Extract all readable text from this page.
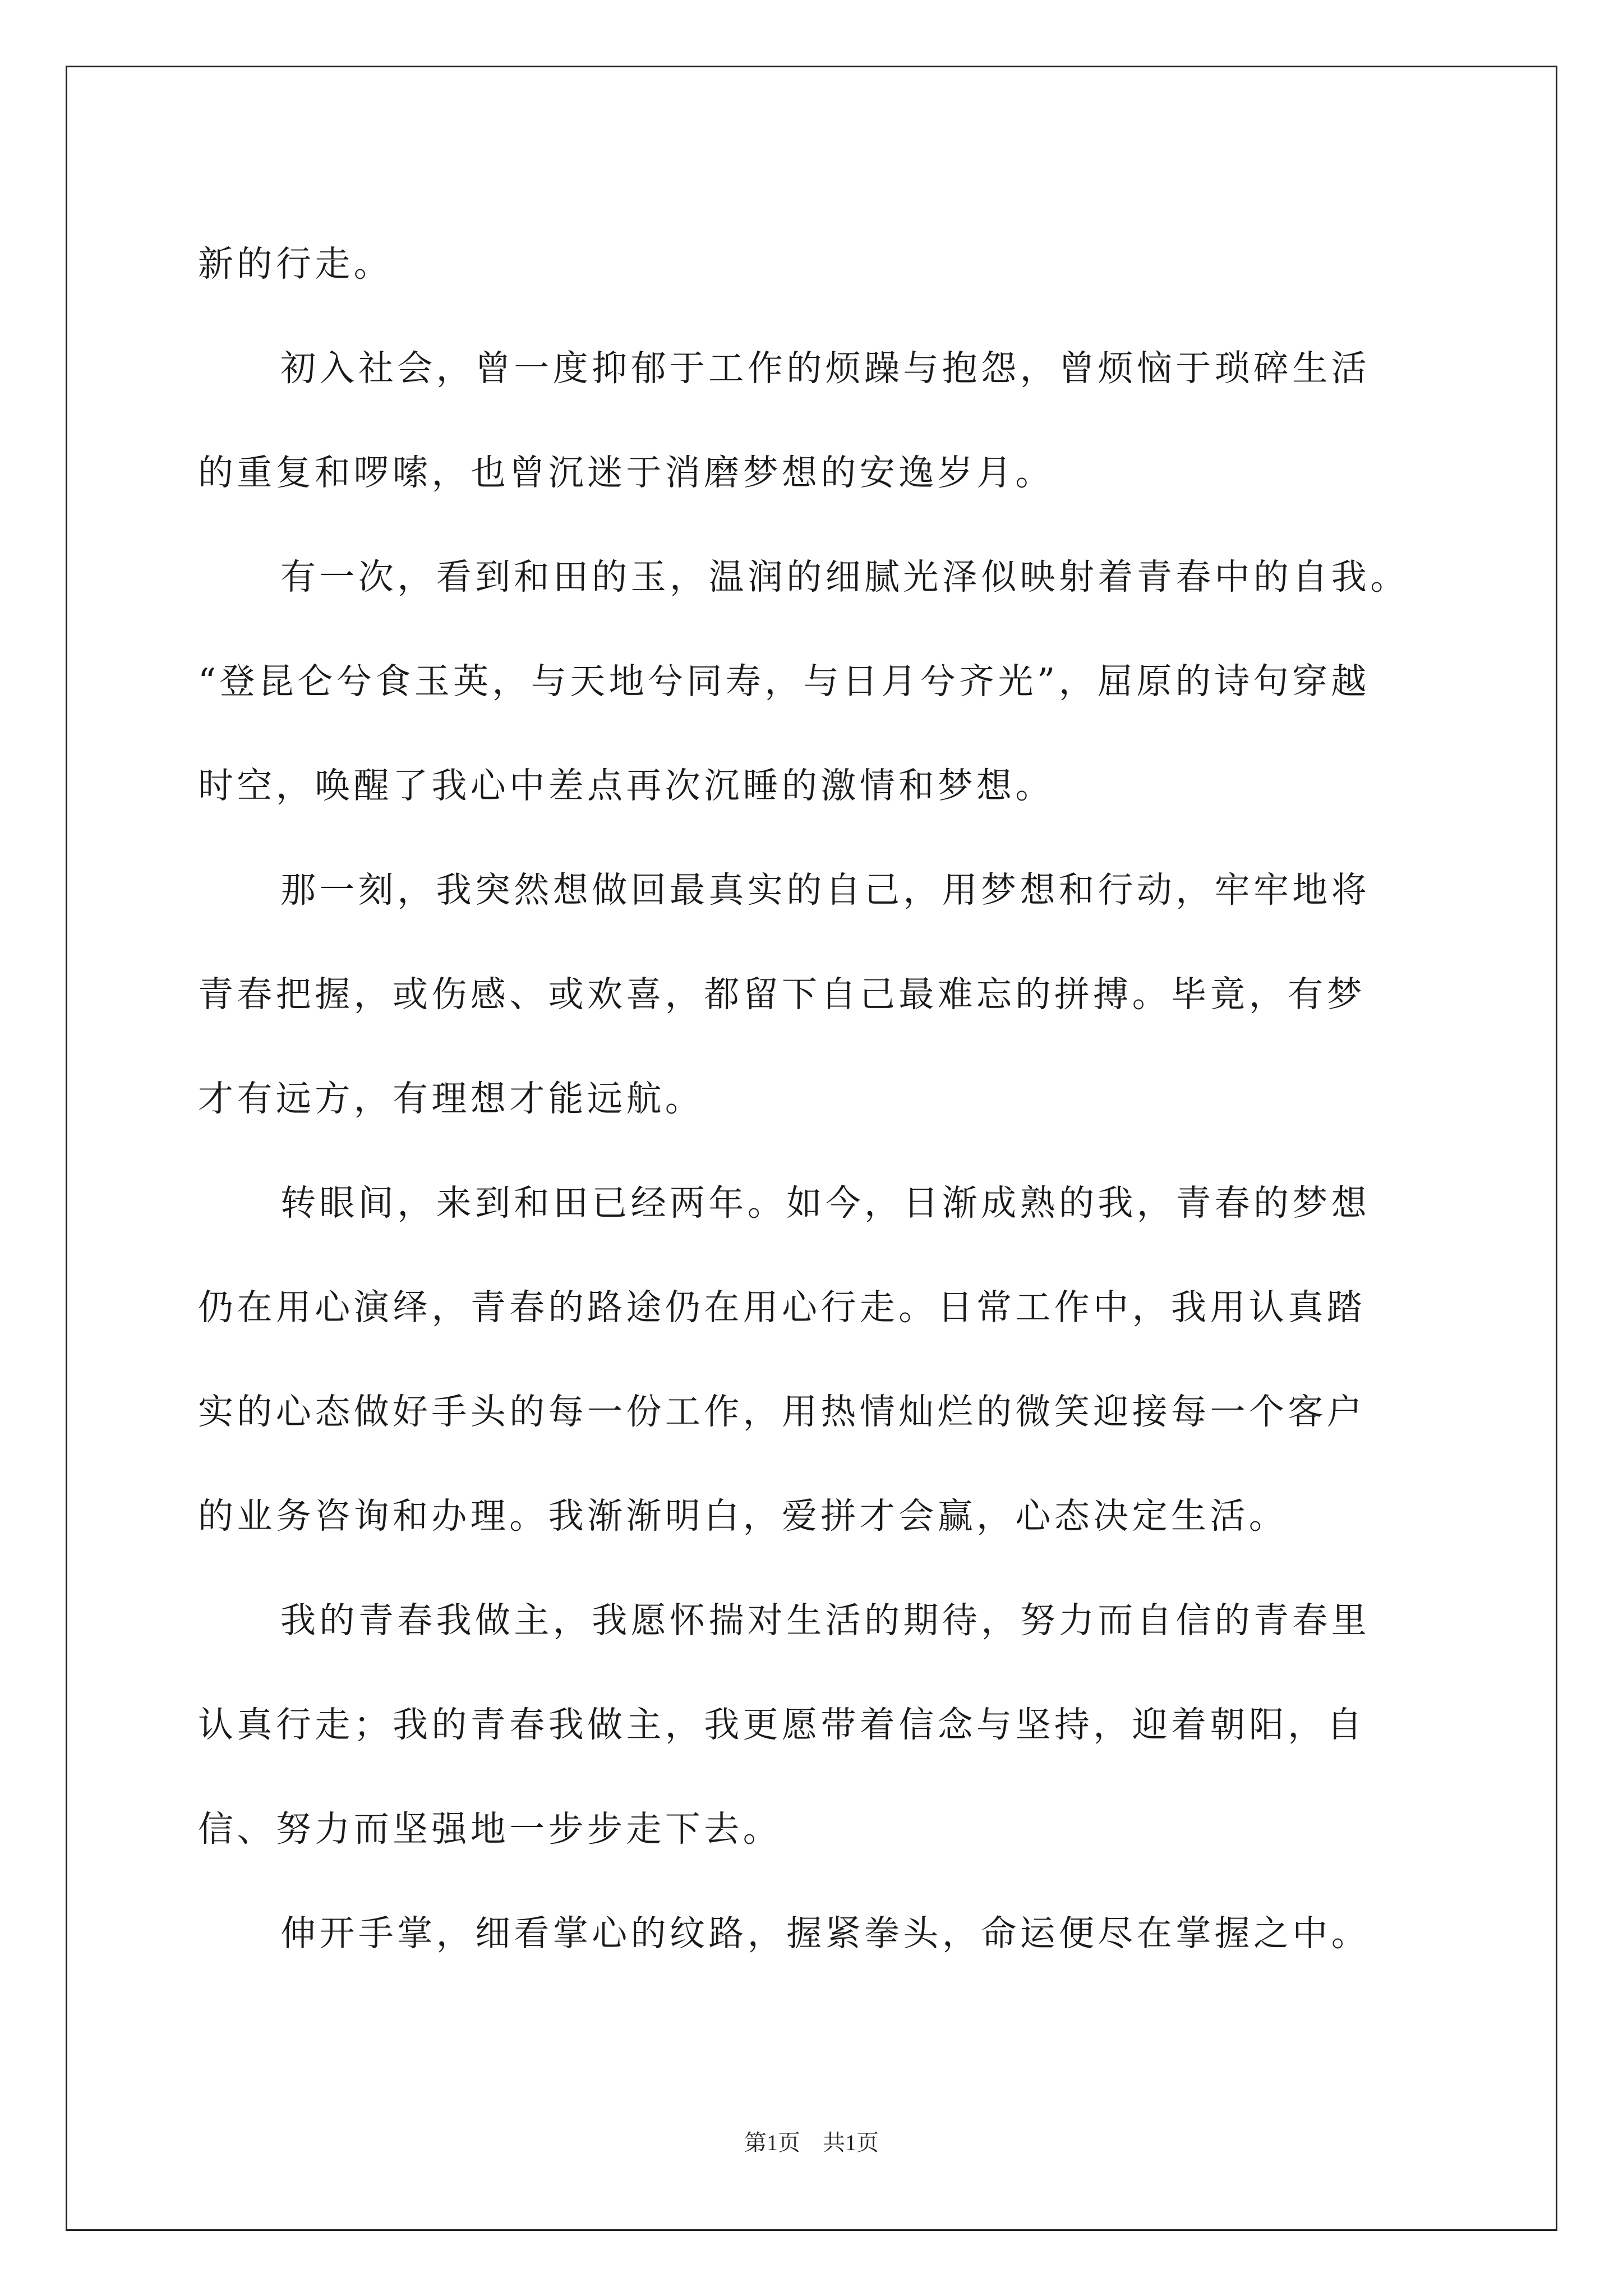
新的行走。
初入社会，曾一度抑郁于工作的烦躁与抱怨，曾烦恼于琐碎生活
的重复和啰嗦，也曾沉迷于消磨梦想的安逸岁月。
有一次，看到和田的玉，温润的细腻光泽似映射着青春中的自我。
“登昆仑兮食玉英，与天地兮同寿，与日月兮齐光”，屈原的诗句穿越
时空，唤醒了我心中差点再次沉睡的激情和梦想。
那一刻，我突然想做回最真实的自己，用梦想和行动，牢牢地将
青春把握，或伤感、或欢喜，都留下自己最难忘的拼搏。毕竟，有梦
才有远方，有理想才能远航。
转眼间，来到和田已经两年。如今，日渐成熟的我，青春的梦想
仍在用心演绎，青春的路途仍在用心行走。日常工作中，我用认真踏
实的心态做好手头的每一份工作，用热情灿烂的微笑迎接每一个客户
的业务咨询和办理。我渐渐明白，爱拼才会赢，心态决定生活。
我的青春我做主，我愿怀揣对生活的期待，努力而自信的青春里
认真行走；我的青春我做主，我更愿带着信念与坚持，迎着朝阳，自
信、努力而坚强地一步步走下去。
伸开手掌，细看掌心的纹路，握紧拳头，命运便尽在掌握之中。
第1页　共1页
